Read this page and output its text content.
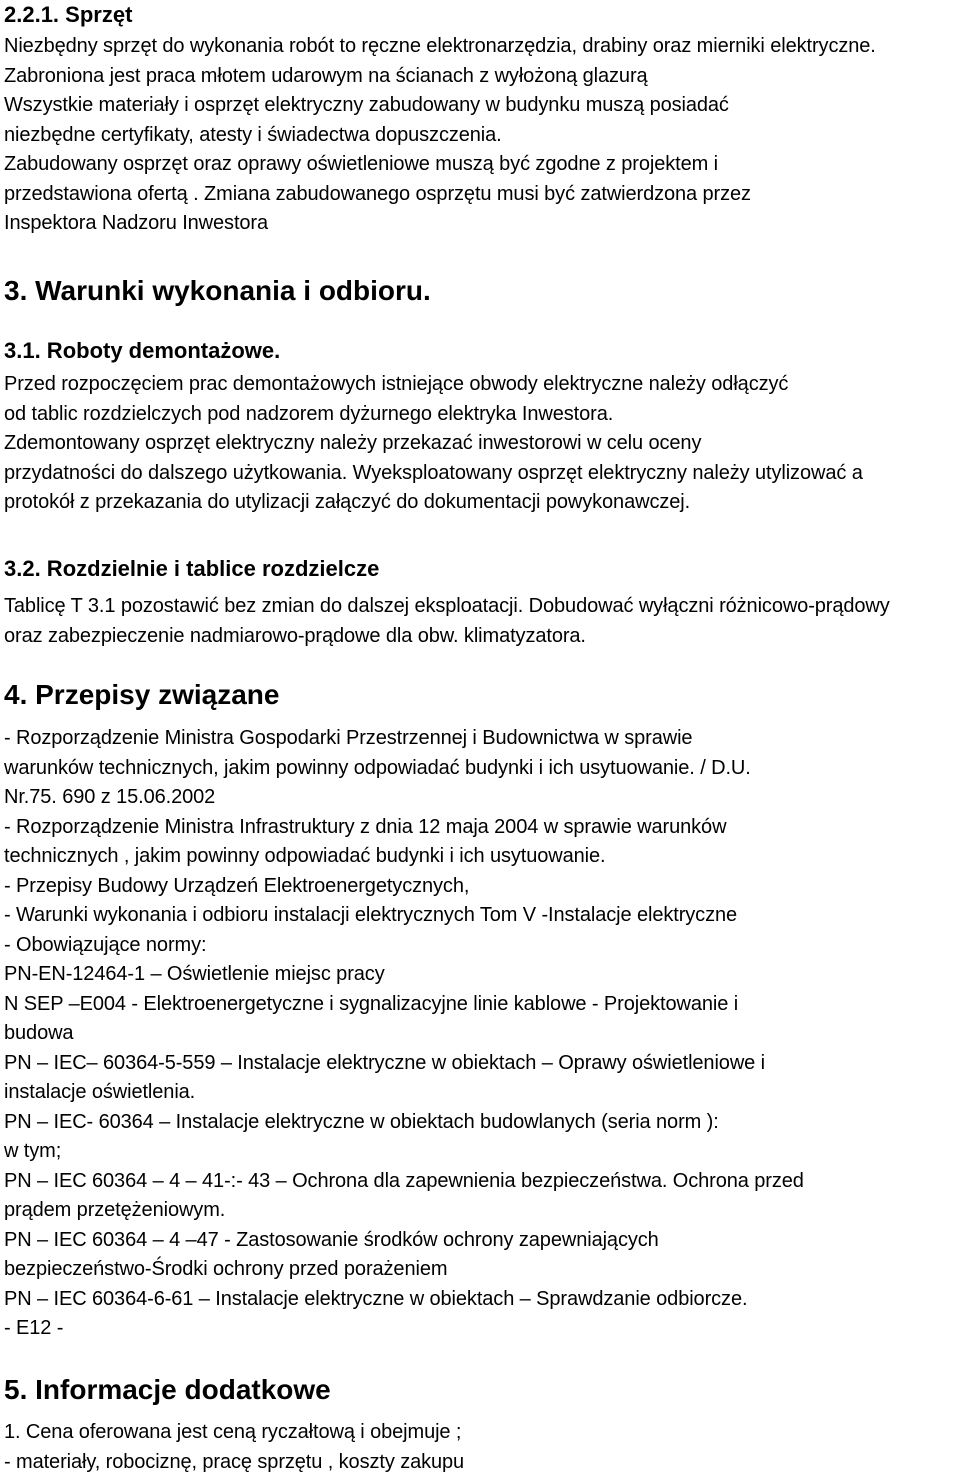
2.2.1. Sprzęt
Niezbędny sprzęt do wykonania robót to ręczne elektronarzędzia, drabiny oraz mierniki elektryczne.
Zabroniona jest praca młotem udarowym na ścianach z wyłożoną glazurą
Wszystkie materiały i osprzęt elektryczny zabudowany w budynku muszą posiadać
niezbędne certyfikaty, atesty i świadectwa dopuszczenia.
Zabudowany osprzęt oraz oprawy oświetleniowe muszą być zgodne z projektem i
przedstawiona ofertą . Zmiana zabudowanego osprzętu musi być zatwierdzona przez
Inspektora Nadzoru Inwestora
3. Warunki wykonania i odbioru.
3.1. Roboty demontażowe.
Przed rozpoczęciem prac demontażowych istniejące obwody elektryczne należy odłączyć
od tablic rozdzielczych pod nadzorem dyżurnego elektryka Inwestora.
Zdemontowany osprzęt elektryczny należy przekazać inwestorowi w celu oceny
przydatności do dalszego użytkowania. Wyeksploatowany osprzęt elektryczny należy utylizować a
protokół z przekazania do utylizacji załączyć do dokumentacji powykonawczej.
3.2. Rozdzielnie i tablice rozdzielcze
Tablicę T 3.1 pozostawić bez zmian do dalszej eksploatacji. Dobudować wyłączni różnicowo-prądowy
oraz zabezpieczenie nadmiarowo-prądowe dla obw. klimatyzatora.
4. Przepisy związane
- Rozporządzenie Ministra Gospodarki Przestrzennej i Budownictwa w sprawie
warunków technicznych, jakim powinny odpowiadać budynki i ich usytuowanie. / D.U.
Nr.75. 690 z 15.06.2002
- Rozporządzenie Ministra Infrastruktury z dnia 12 maja 2004 w sprawie warunków
technicznych , jakim powinny odpowiadać budynki i ich usytuowanie.
- Przepisy Budowy Urządzeń Elektroenergetycznych,
- Warunki wykonania i odbioru instalacji elektrycznych Tom V -Instalacje elektryczne
- Obowiązujące normy:
PN-EN-12464-1 – Oświetlenie miejsc pracy
N SEP –E004 - Elektroenergetyczne i sygnalizacyjne linie kablowe - Projektowanie i
budowa
PN – IEC– 60364-5-559 – Instalacje elektryczne w obiektach – Oprawy oświetleniowe i
instalacje oświetlenia.
PN – IEC- 60364 – Instalacje elektryczne w obiektach budowlanych (seria norm ):
w tym;
PN – IEC 60364 – 4 – 41-:- 43 – Ochrona dla zapewnienia bezpieczeństwa. Ochrona przed
prądem przetężeniowym.
PN – IEC 60364 – 4 –47 - Zastosowanie środków ochrony zapewniających
bezpieczeństwo-Środki ochrony przed porażeniem
PN – IEC 60364-6-61 – Instalacje elektryczne w obiektach – Sprawdzanie odbiorcze.
- E12 -
5. Informacje dodatkowe
1. Cena oferowana jest ceną ryczałtową i obejmuje ;
- materiały, robociznę, pracę sprzętu , koszty zakupu
